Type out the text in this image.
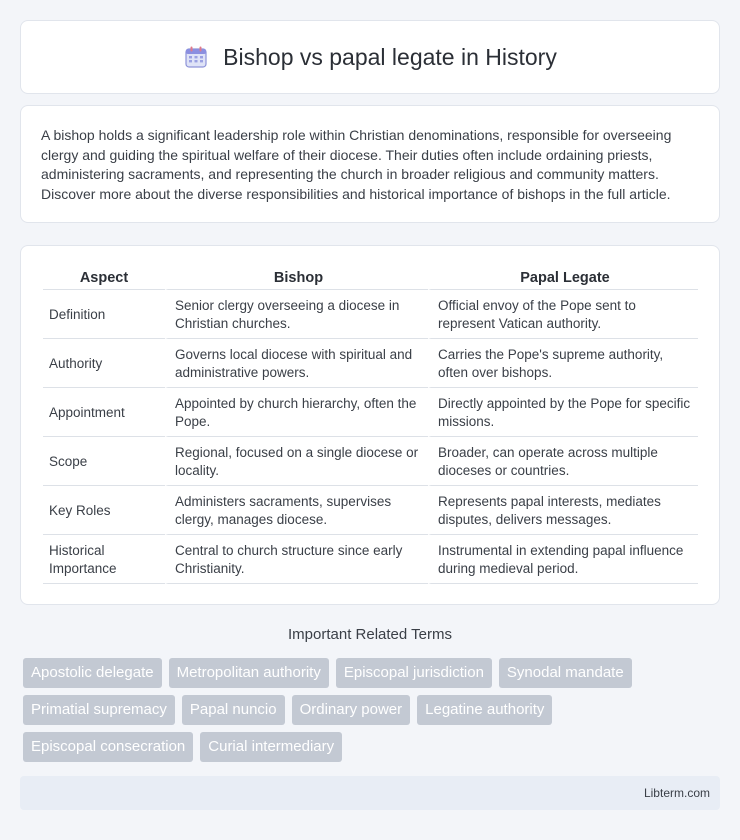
Bishop vs papal legate in History

A bishop holds a significant leadership role within Christian denominations, responsible for overseeing clergy and guiding the spiritual welfare of their diocese. Their duties often include ordaining priests, administering sacraments, and representing the church in broader religious and community matters. Discover more about the diverse responsibilities and historical importance of bishops in the full article.

Aspect	Bishop	Papal Legate
Definition	Senior clergy overseeing a diocese in Christian churches.	Official envoy of the Pope sent to represent Vatican authority.
Authority	Governs local diocese with spiritual and administrative powers.	Carries the Pope's supreme authority, often over bishops.
Appointment	Appointed by church hierarchy, often the Pope.	Directly appointed by the Pope for specific missions.
Scope	Regional, focused on a single diocese or locality.	Broader, can operate across multiple dioceses or countries.
Key Roles	Administers sacraments, supervises clergy, manages diocese.	Represents papal interests, mediates disputes, delivers messages.
Historical Importance	Central to church structure since early Christianity.	Instrumental in extending papal influence during medieval period.
Important Related Terms
Apostolic delegate	Metropolitan authority	Episcopal jurisdiction	Synodal mandate
Primatial supremacy	Papal nuncio	Ordinary power	Legatine authority
Episcopal consecration	Curial intermediary
Libterm.com
